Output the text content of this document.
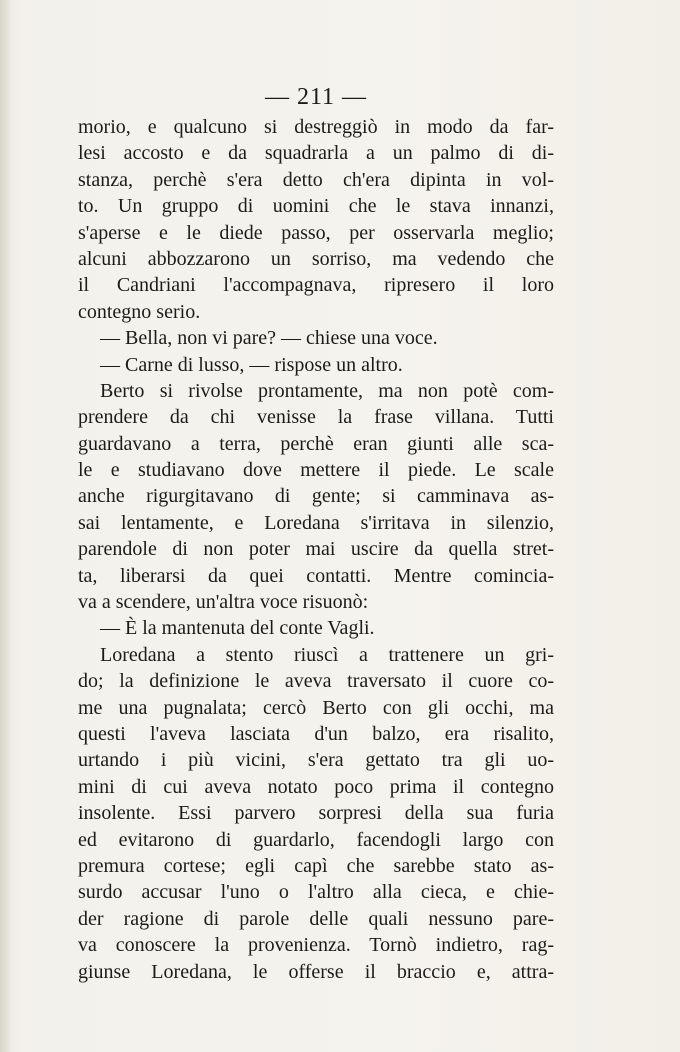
— 211 —
morio, e qualcuno si destreggiò in modo da far-
lesi accosto e da squadrarla a un palmo di di-
stanza, perchè s'era detto ch'era dipinta in vol-
to. Un gruppo di uomini che le stava innanzi,
s'aperse e le diede passo, per osservarla meglio;
alcuni abbozzarono un sorriso, ma vedendo che
il Candriani l'accompagnava, ripresero il loro
contegno serio.
— Bella, non vi pare? — chiese una voce.
— Carne di lusso, — rispose un altro.
Berto si rivolse prontamente, ma non potè com-
prendere da chi venisse la frase villana. Tutti
guardavano a terra, perchè eran giunti alle sca-
le e studiavano dove mettere il piede. Le scale
anche rigurgitavano di gente; si camminava as-
sai lentamente, e Loredana s'irritava in silenzio,
parendole di non poter mai uscire da quella stret-
ta, liberarsi da quei contatti. Mentre comincia-
va a scendere, un'altra voce risuonò:
— È la mantenuta del conte Vagli.
Loredana a stento riuscì a trattenere un gri-
do; la definizione le aveva traversato il cuore co-
me una pugnalata; cercò Berto con gli occhi, ma
questi l'aveva lasciata d'un balzo, era risalito,
urtando i più vicini, s'era gettato tra gli uo-
mini di cui aveva notato poco prima il contegno
insolente. Essi parvero sorpresi della sua furia
ed evitarono di guardarlo, facendogli largo con
premura cortese; egli capì che sarebbe stato as-
surdo accusar l'uno o l'altro alla cieca, e chie-
der ragione di parole delle quali nessuno pare-
va conoscere la provenienza. Tornò indietro, rag-
giunse Loredana, le offerse il braccio e, attra-
